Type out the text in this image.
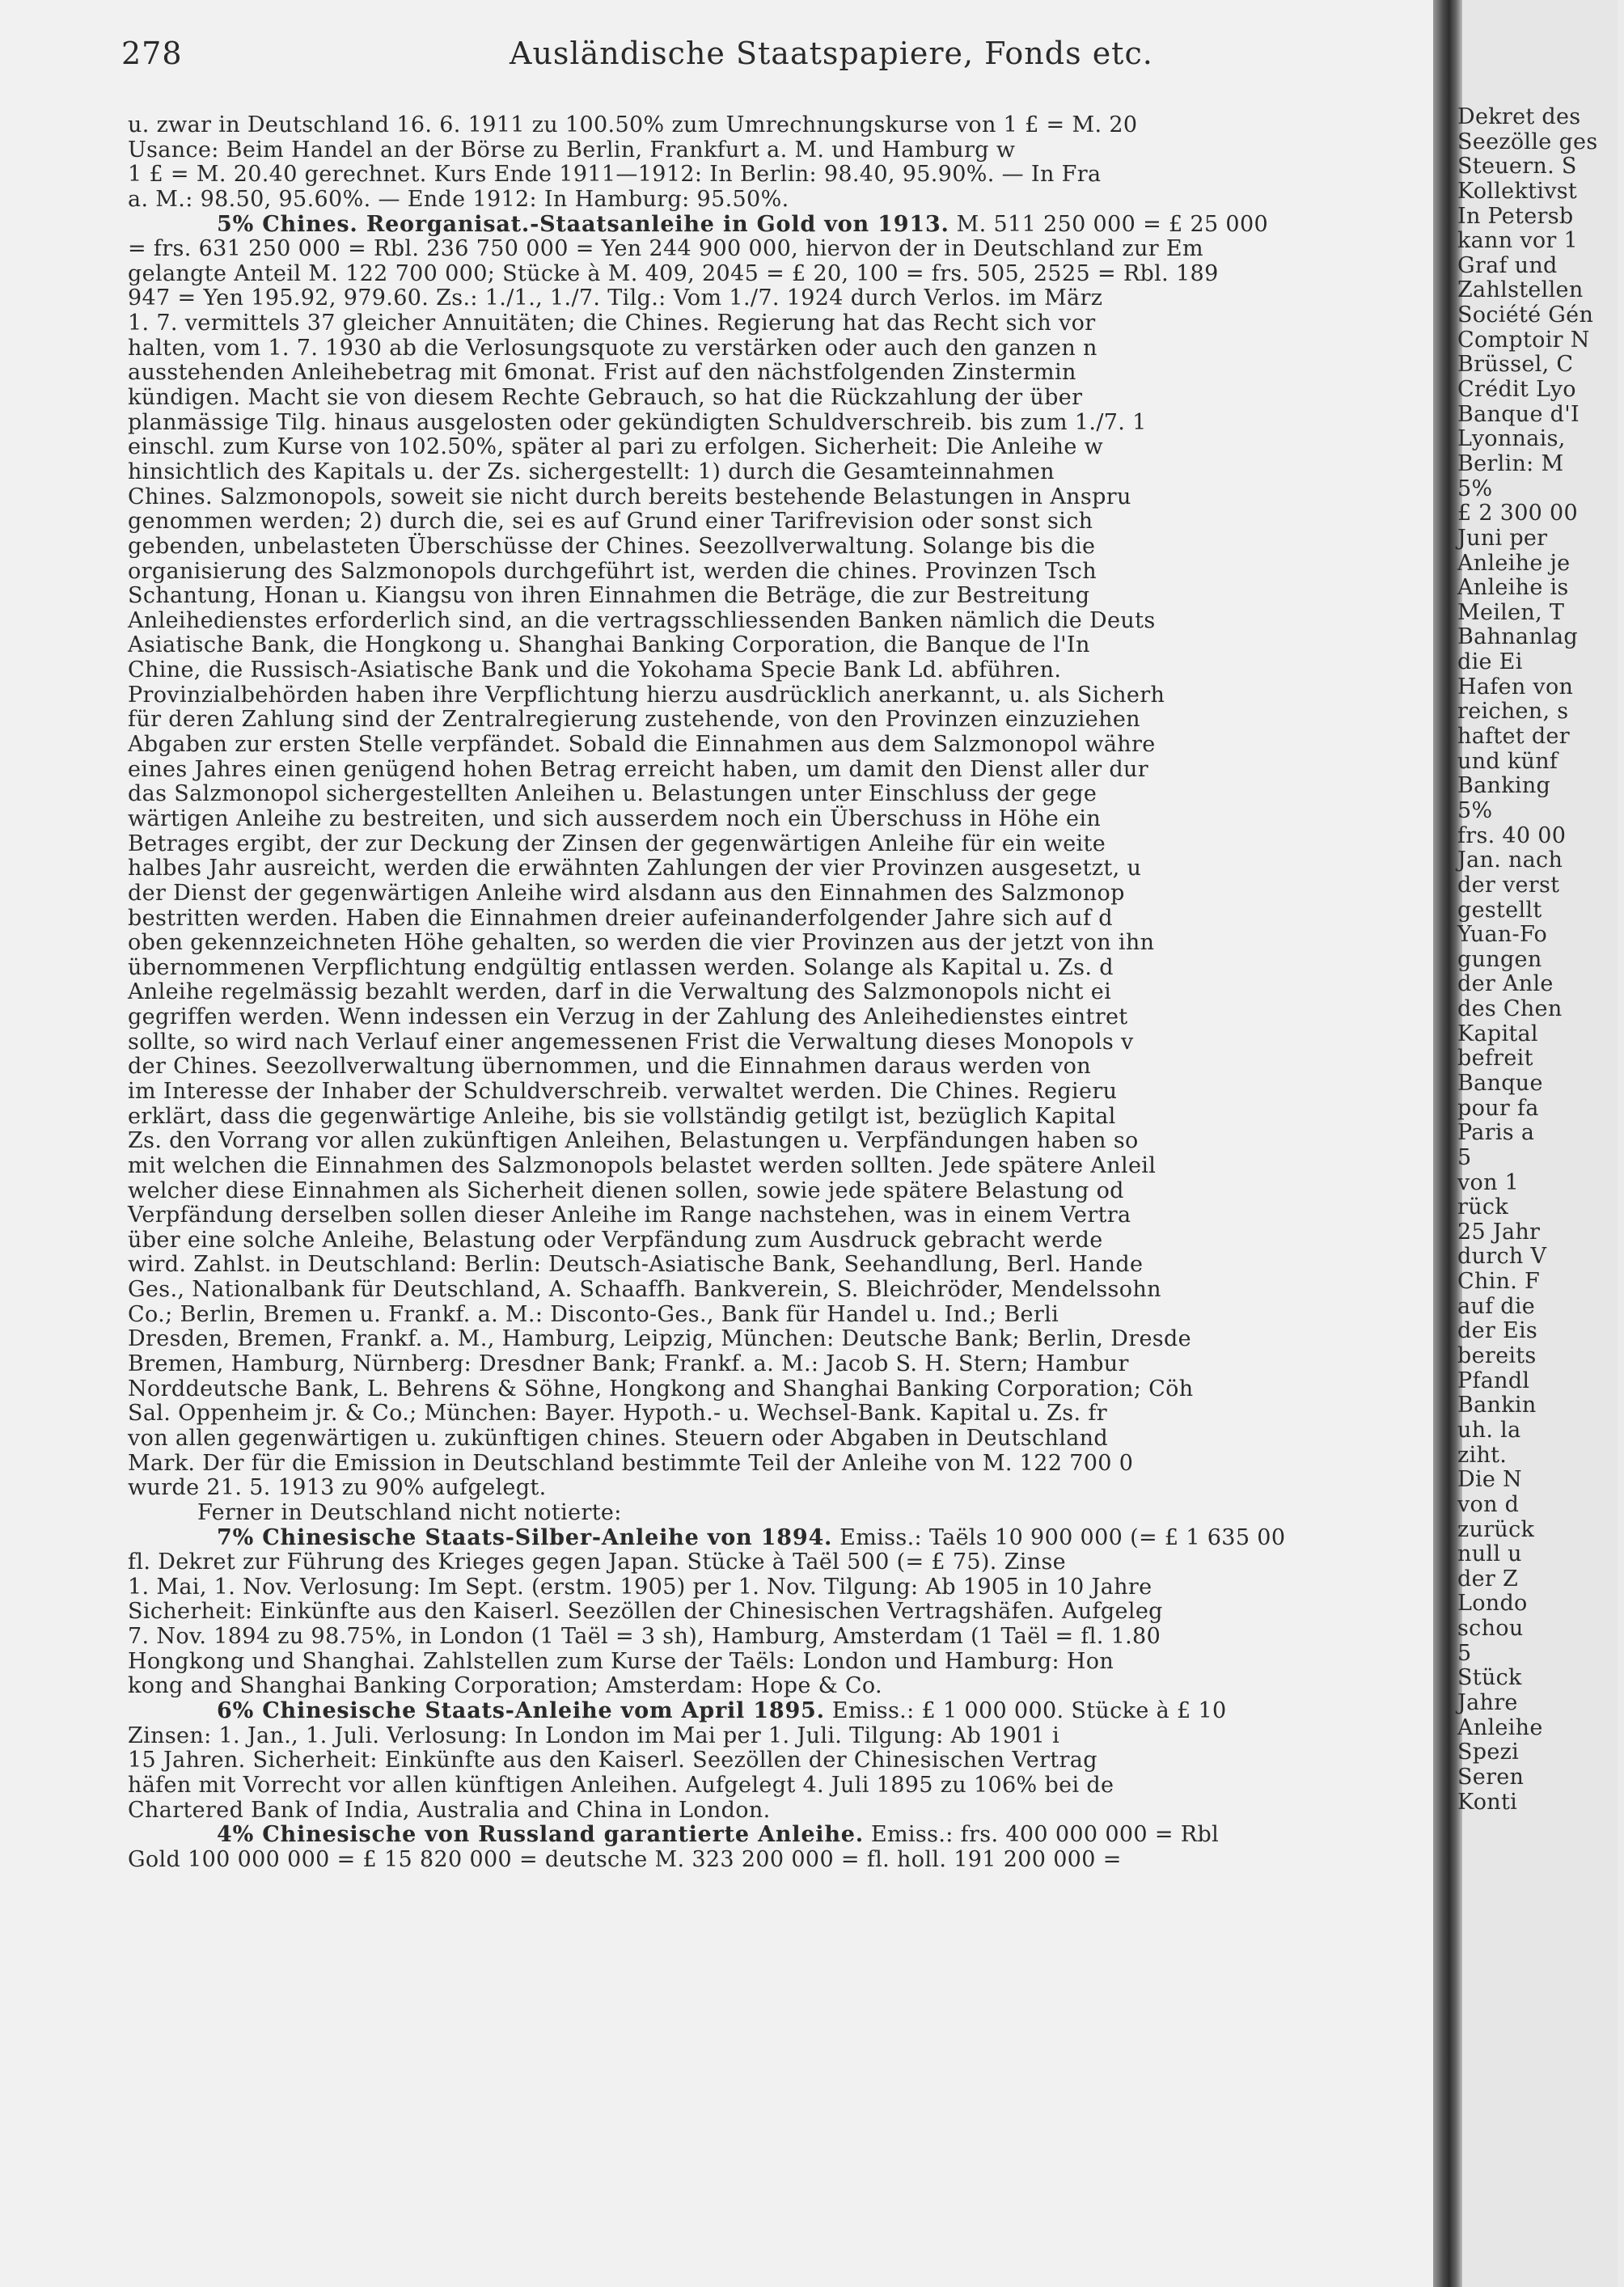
278	Ausländische Staatspapiere, Fonds etc.
u. zwar in Deutschland 16. 6. 1911 zu 100.50% zum Umrechnungskurse von 1 £ = M. 20
Usance: Beim Handel an der Börse zu Berlin, Frankfurt a. M. und Hamburg w
1 £ = M. 20.40 gerechnet. Kurs Ende 1911—1912: In Berlin: 98.40, 95.90%. — In Fra
a. M.: 98.50, 95.60%. — Ende 1912: In Hamburg: 95.50%.
5% Chines. Reorganisat.-Staatsanleihe in Gold von 1913. M. 511 250 000 = £ 25 000
= frs. 631 250 000 = Rbl. 236 750 000 = Yen 244 900 000, hiervon der in Deutschland zur Em
gelangte Anteil M. 122 700 000; Stücke à M. 409, 2045 = £ 20, 100 = frs. 505, 2525 = Rbl. 189
947 = Yen 195.92, 979.60. Zs.: 1./1., 1./7. Tilg.: Vom 1./7. 1924 durch Verlos. im März
1. 7. vermittels 37 gleicher Annuitäten; die Chines. Regierung hat das Recht sich vor
halten, vom 1. 7. 1930 ab die Verlosungsquote zu verstärken oder auch den ganzen n
ausstehenden Anleihebetrag mit 6monat. Frist auf den nächstfolgenden Zinstermin
kündigen. Macht sie von diesem Rechte Gebrauch, so hat die Rückzahlung der über
planmässige Tilg. hinaus ausgelosten oder gekündigten Schuldverschreib. bis zum 1./7. 1
einschl. zum Kurse von 102.50%, später al pari zu erfolgen. Sicherheit: Die Anleihe w
hinsichtlich des Kapitals u. der Zs. sichergestellt: 1) durch die Gesamteinnahmen
Chines. Salzmonopols, soweit sie nicht durch bereits bestehende Belastungen in Anspru
genommen werden; 2) durch die, sei es auf Grund einer Tarifrevision oder sonst sich
gebenden, unbelasteten Überschüsse der Chines. Seezollverwaltung. Solange bis die
organisierung des Salzmonopols durchgeführt ist, werden die chines. Provinzen Tsch
Schantung, Honan u. Kiangsu von ihren Einnahmen die Beträge, die zur Bestreitung
Anleihedienstes erforderlich sind, an die vertragsschliessenden Banken nämlich die Deuts
Asiatische Bank, die Hongkong u. Shanghai Banking Corporation, die Banque de l'In
Chine, die Russisch-Asiatische Bank und die Yokohama Specie Bank Ld. abführen.
Provinzialbehörden haben ihre Verpflichtung hierzu ausdrücklich anerkannt, u. als Sicherh
für deren Zahlung sind der Zentralregierung zustehende, von den Provinzen einzuziehen
Abgaben zur ersten Stelle verpfändet. Sobald die Einnahmen aus dem Salzmonopol währe
eines Jahres einen genügend hohen Betrag erreicht haben, um damit den Dienst aller dur
das Salzmonopol sichergestellten Anleihen u. Belastungen unter Einschluss der gege
wärtigen Anleihe zu bestreiten, und sich ausserdem noch ein Überschuss in Höhe ein
Betrages ergibt, der zur Deckung der Zinsen der gegenwärtigen Anleihe für ein weite
halbes Jahr ausreicht, werden die erwähnten Zahlungen der vier Provinzen ausgesetzt, u
der Dienst der gegenwärtigen Anleihe wird alsdann aus den Einnahmen des Salzmonop
bestritten werden. Haben die Einnahmen dreier aufeinanderfolgender Jahre sich auf d
oben gekennzeichneten Höhe gehalten, so werden die vier Provinzen aus der jetzt von ihn
übernommenen Verpflichtung endgültig entlassen werden. Solange als Kapital u. Zs. d
Anleihe regelmässig bezahlt werden, darf in die Verwaltung des Salzmonopols nicht ei
gegriffen werden. Wenn indessen ein Verzug in der Zahlung des Anleihedienstes eintret
sollte, so wird nach Verlauf einer angemessenen Frist die Verwaltung dieses Monopols v
der Chines. Seezollverwaltung übernommen, und die Einnahmen daraus werden von
im Interesse der Inhaber der Schuldverschreib. verwaltet werden. Die Chines. Regieru
erklärt, dass die gegenwärtige Anleihe, bis sie vollständig getilgt ist, bezüglich Kapital
Zs. den Vorrang vor allen zukünftigen Anleihen, Belastungen u. Verpfändungen haben so
mit welchen die Einnahmen des Salzmonopols belastet werden sollten. Jede spätere Anleil
welcher diese Einnahmen als Sicherheit dienen sollen, sowie jede spätere Belastung od
Verpfändung derselben sollen dieser Anleihe im Range nachstehen, was in einem Vertra
über eine solche Anleihe, Belastung oder Verpfändung zum Ausdruck gebracht werde
wird. Zahlst. in Deutschland: Berlin: Deutsch-Asiatische Bank, Seehandlung, Berl. Hande
Ges., Nationalbank für Deutschland, A. Schaaffh. Bankverein, S. Bleichröder, Mendelssohn
Co.; Berlin, Bremen u. Frankf. a. M.: Disconto-Ges., Bank für Handel u. Ind.; Berli
Dresden, Bremen, Frankf. a. M., Hamburg, Leipzig, München: Deutsche Bank; Berlin, Dresde
Bremen, Hamburg, Nürnberg: Dresdner Bank; Frankf. a. M.: Jacob S. H. Stern; Hambur
Norddeutsche Bank, L. Behrens & Söhne, Hongkong and Shanghai Banking Corporation; Cöh
Sal. Oppenheim jr. & Co.; München: Bayer. Hypoth.- u. Wechsel-Bank. Kapital u. Zs. fr
von allen gegenwärtigen u. zukünftigen chines. Steuern oder Abgaben in Deutschland
Mark. Der für die Emission in Deutschland bestimmte Teil der Anleihe von M. 122 700 0
wurde 21. 5. 1913 zu 90% aufgelegt.
Ferner in Deutschland nicht notierte:
7% Chinesische Staats-Silber-Anleihe von 1894. Emiss.: Taëls 10 900 000 (= £ 1 635 00
fl. Dekret zur Führung des Krieges gegen Japan. Stücke à Taël 500 (= £ 75). Zinse
1. Mai, 1. Nov. Verlosung: Im Sept. (erstm. 1905) per 1. Nov. Tilgung: Ab 1905 in 10 Jahre
Sicherheit: Einkünfte aus den Kaiserl. Seezöllen der Chinesischen Vertragshäfen. Aufgeleg
7. Nov. 1894 zu 98.75%, in London (1 Taël = 3 sh), Hamburg, Amsterdam (1 Taël = fl. 1.80
Hongkong und Shanghai. Zahlstellen zum Kurse der Taëls: London und Hamburg: Hon
kong and Shanghai Banking Corporation; Amsterdam: Hope & Co.
6% Chinesische Staats-Anleihe vom April 1895. Emiss.: £ 1 000 000. Stücke à £ 10
Zinsen: 1. Jan., 1. Juli. Verlosung: In London im Mai per 1. Juli. Tilgung: Ab 1901 i
15 Jahren. Sicherheit: Einkünfte aus den Kaiserl. Seezöllen der Chinesischen Vertrag
häfen mit Vorrecht vor allen künftigen Anleihen. Aufgelegt 4. Juli 1895 zu 106% bei de
Chartered Bank of India, Australia and China in London.
4% Chinesische von Russland garantierte Anleihe. Emiss.: frs. 400 000 000 = Rbl
Gold 100 000 000 = £ 15 820 000 = deutsche M. 323 200 000 = fl. holl. 191 200 000 =
Dekret des
Seezölle ges
Steuern. S
Kollektivst
In Petersb
kann vor 1
Graf und
Zahlstellen
Société Gén
Comptoir N
Brüssel, C
Crédit Lyo
Banque d'I
Lyonnais,
Berlin: M
5%
£ 2 300 00
Juni per
Anleihe je
Anleihe is
Meilen, T
Bahnanlag
die Ei
Hafen von
reichen, s
haftet der
und künf
Banking
5%
frs. 40 00
Jan. nach
der verst
gestellt
Yuan-Fo
gungen
der Anle
des Chen
Kapital
befreit
Banque
pour fa
Paris a
5
von 1
rück
25 Jahr
durch V
Chin. F
auf die
der Eis
bereits
Pfandl
Bankin
uh. la
ziht.
Die N
von d
zurück
null u
der Z
Londo
schou
5
Stück
Jahre
Anleihe
Spezi
Seren
Konti
